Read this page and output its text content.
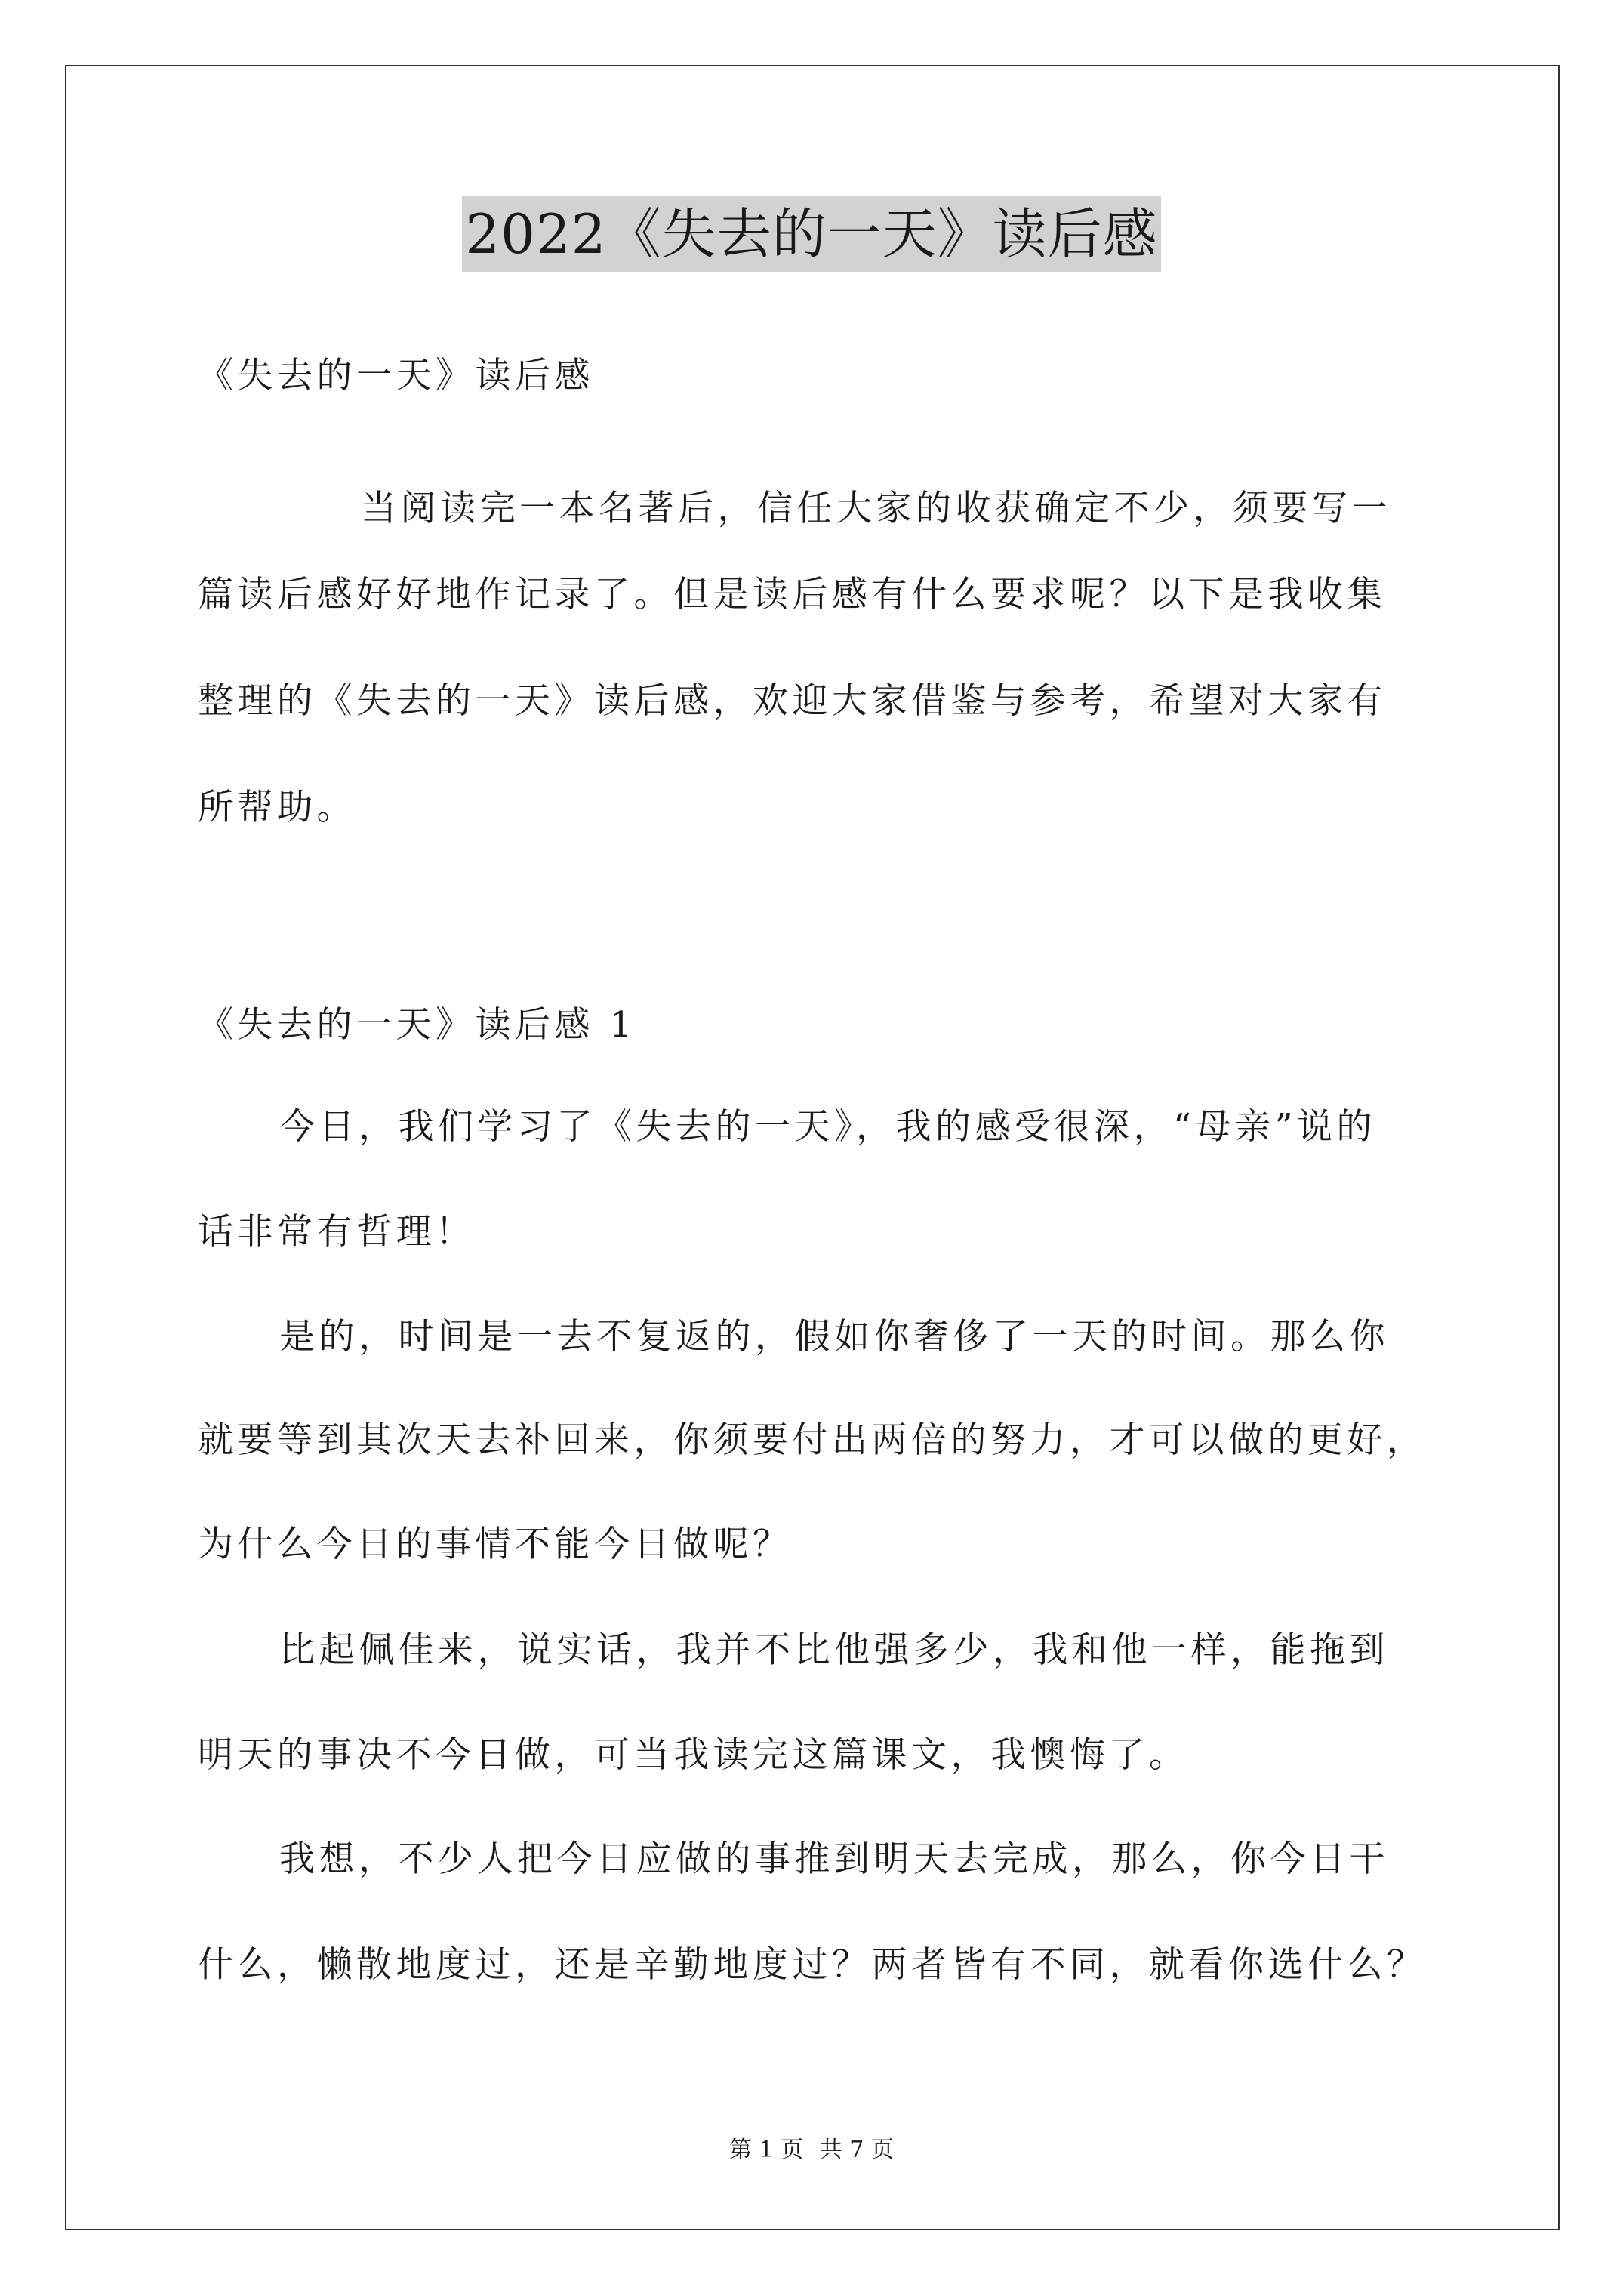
2022《失去的一天》读后感
《失去的一天》读后感
当阅读完一本名著后，信任大家的收获确定不少，须要写一
篇读后感好好地作记录了。但是读后感有什么要求呢？以下是我收集
整理的《失去的一天》读后感，欢迎大家借鉴与参考，希望对大家有
所帮助。
《失去的一天》读后感 1
今日，我们学习了《失去的一天》，我的感受很深，“母亲”说的
话非常有哲理！
是的，时间是一去不复返的，假如你奢侈了一天的时间。那么你
就要等到其次天去补回来，你须要付出两倍的努力，才可以做的更好，
为什么今日的事情不能今日做呢？
比起佩佳来，说实话，我并不比他强多少，我和他一样，能拖到
明天的事决不今日做，可当我读完这篇课文，我懊悔了。
我想，不少人把今日应做的事推到明天去完成，那么，你今日干
什么，懒散地度过，还是辛勤地度过？两者皆有不同，就看你选什么？
第 1 页 共 7 页
